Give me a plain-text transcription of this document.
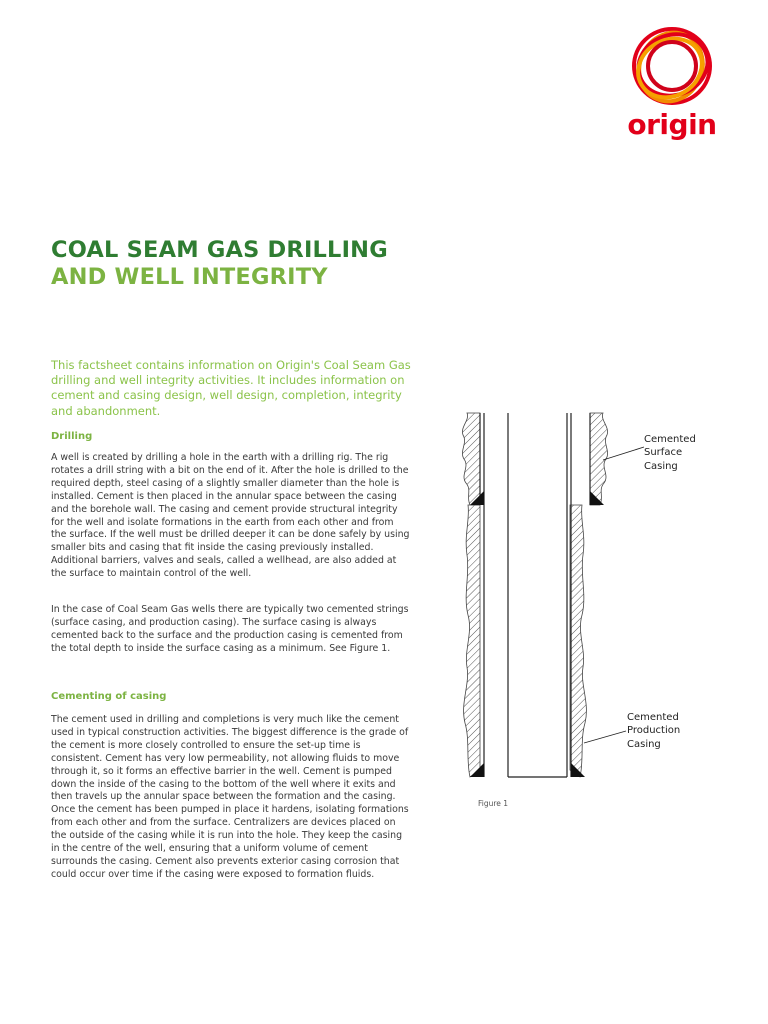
origin
COAL SEAM GAS DRILLING
AND WELL INTEGRITY

This factsheet contains information on Origin's Coal Seam Gas drilling and well integrity activities. It includes information on cement and casing design, well design, completion, integrity and abandonment.

Drilling

A well is created by drilling a hole in the earth with a drilling rig. The rig rotates a drill string with a bit on the end of it. After the hole is drilled to the required depth, steel casing of a slightly smaller diameter than the hole is installed. Cement is then placed in the annular space between the casing and the borehole wall. The casing and cement provide structural integrity for the well and isolate formations in the earth from each other and from the surface. If the well must be drilled deeper it can be done safely by using smaller bits and casing that fit inside the casing previously installed. Additional barriers, valves and seals, called a wellhead, are also added at the surface to maintain control of the well.

In the case of Coal Seam Gas wells there are typically two cemented strings (surface casing, and production casing). The surface casing is always cemented back to the surface and the production casing is cemented from the total depth to inside the surface casing as a minimum. See Figure 1.

Cementing of casing

The cement used in drilling and completions is very much like the cement used in typical construction activities. The biggest difference is the grade of the cement is more closely controlled to ensure the set-up time is consistent. Cement has very low permeability, not allowing fluids to move through it, so it forms an effective barrier in the well. Cement is pumped down the inside of the casing to the bottom of the well where it exits and then travels up the annular space between the formation and the casing. Once the cement has been pumped in place it hardens, isolating formations from each other and from the surface. Centralizers are devices placed on the outside of the casing while it is run into the hole. They keep the casing in the centre of the well, ensuring that a uniform volume of cement surrounds the casing. Cement also prevents exterior casing corrosion that could occur over time if the casing were exposed to formation fluids.

Cemented
Surface
Casing
Cemented
Production
Casing
Figure 1
